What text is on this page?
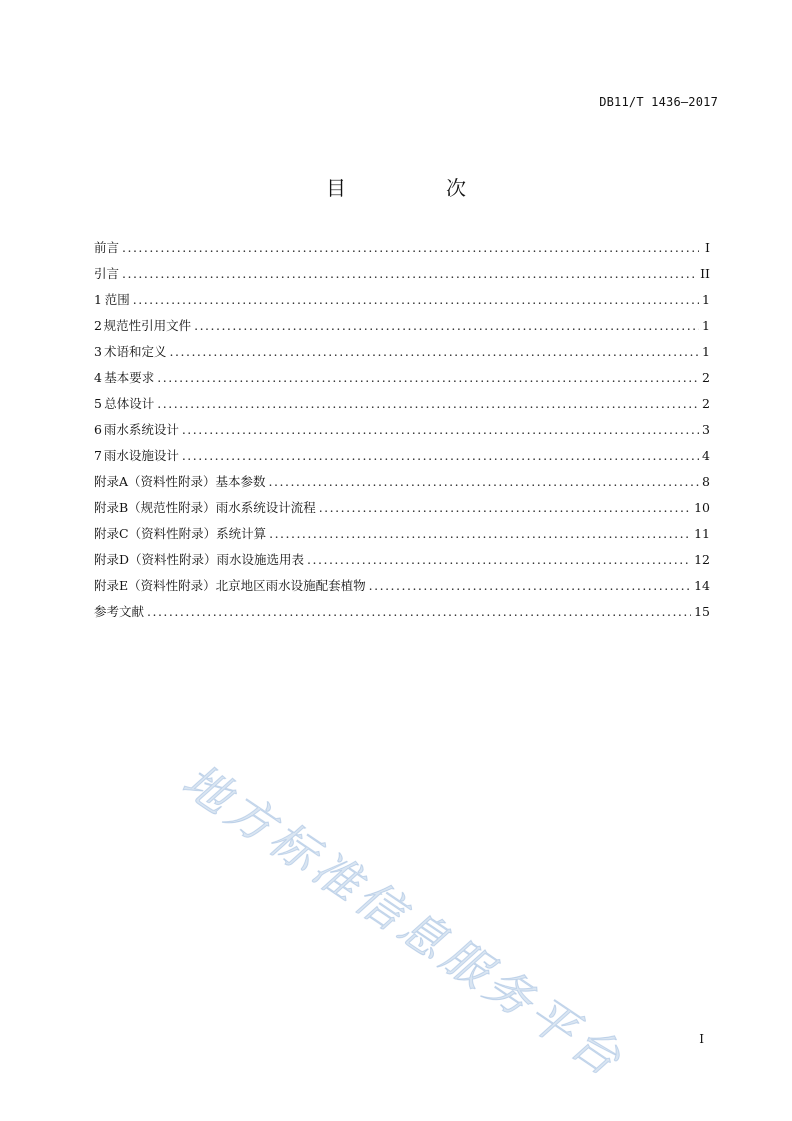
DB11/T 1436—2017
目　次
前言 .....	I
引言 .....	II
1 范围 .....	1
2 规范性引用文件 .....	1
3 术语和定义 .....	1
4 基本要求 .....	2
5 总体设计 .....	2
6 雨水系统设计 .....	3
7 雨水设施设计 .....	4
附录A（资料性附录） 基本参数 .....	8
附录B（规范性附录） 雨水系统设计流程 .....	10
附录C（资料性附录） 系统计算 .....	11
附录D（资料性附录） 雨水设施选用表 .....	12
附录E（资料性附录） 北京地区雨水设施配套植物 .....	14
参考文献 .....	15
地方标准信息服务平台	I
